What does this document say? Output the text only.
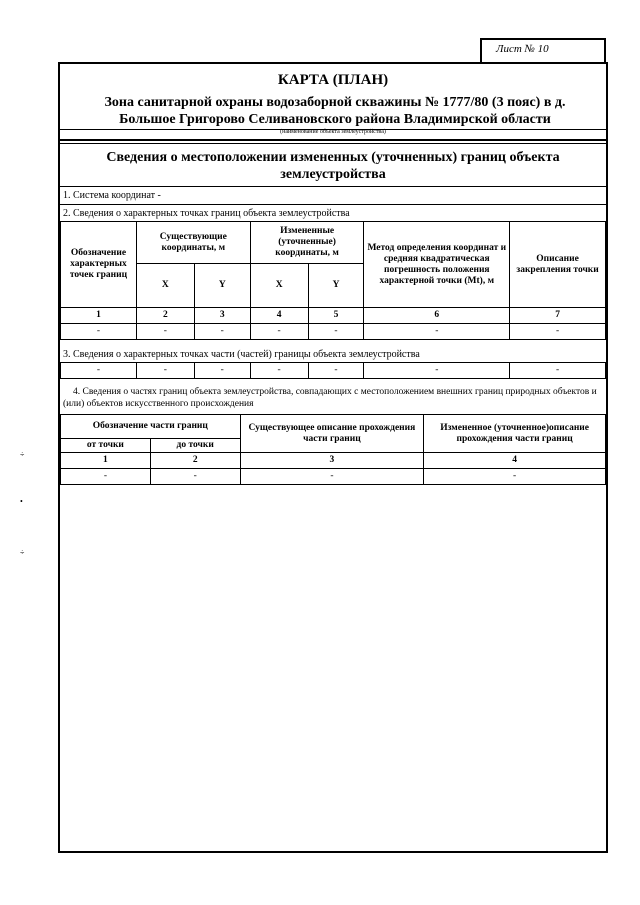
Лист № 10
÷
•
÷
КАРТА (ПЛАН)
Зона санитарной охраны водозаборной скважины № 1777/80 (3 пояс) в д. Большое Григорово Селивановского района Владимирской области
(наименование объекта землеустройства)
Сведения о местоположении измененных (уточненных) границ объекта землеустройства
1. Система координат -
2. Сведения о характерных точках границ объекта землеустройства
Обозначение характерных точек границ	Существующие координаты, м		Измененные (уточненные) координаты, м		Метод определения координат и средняя квадратическая погрешность положения характерной точки (Mt), м	Описание закрепления точки
	X	Y	X	Y		
1	2	3	4	5	6	7
-	-	-	-	-	-	-
3. Сведения о характерных точках части (частей) границы объекта землеустройства
-	-	-	-	-	-	-
4. Сведения о частях границ объекта землеустройства, совпадающих с местоположением внешних границ природных объектов и (или) объектов искусственного происхождения
Обозначение части границ		Существующее описание прохождения части границ	Измененное (уточненное)описание прохождения части границ
от точки	до точки		
1	2	3	4
-	-	-	-
